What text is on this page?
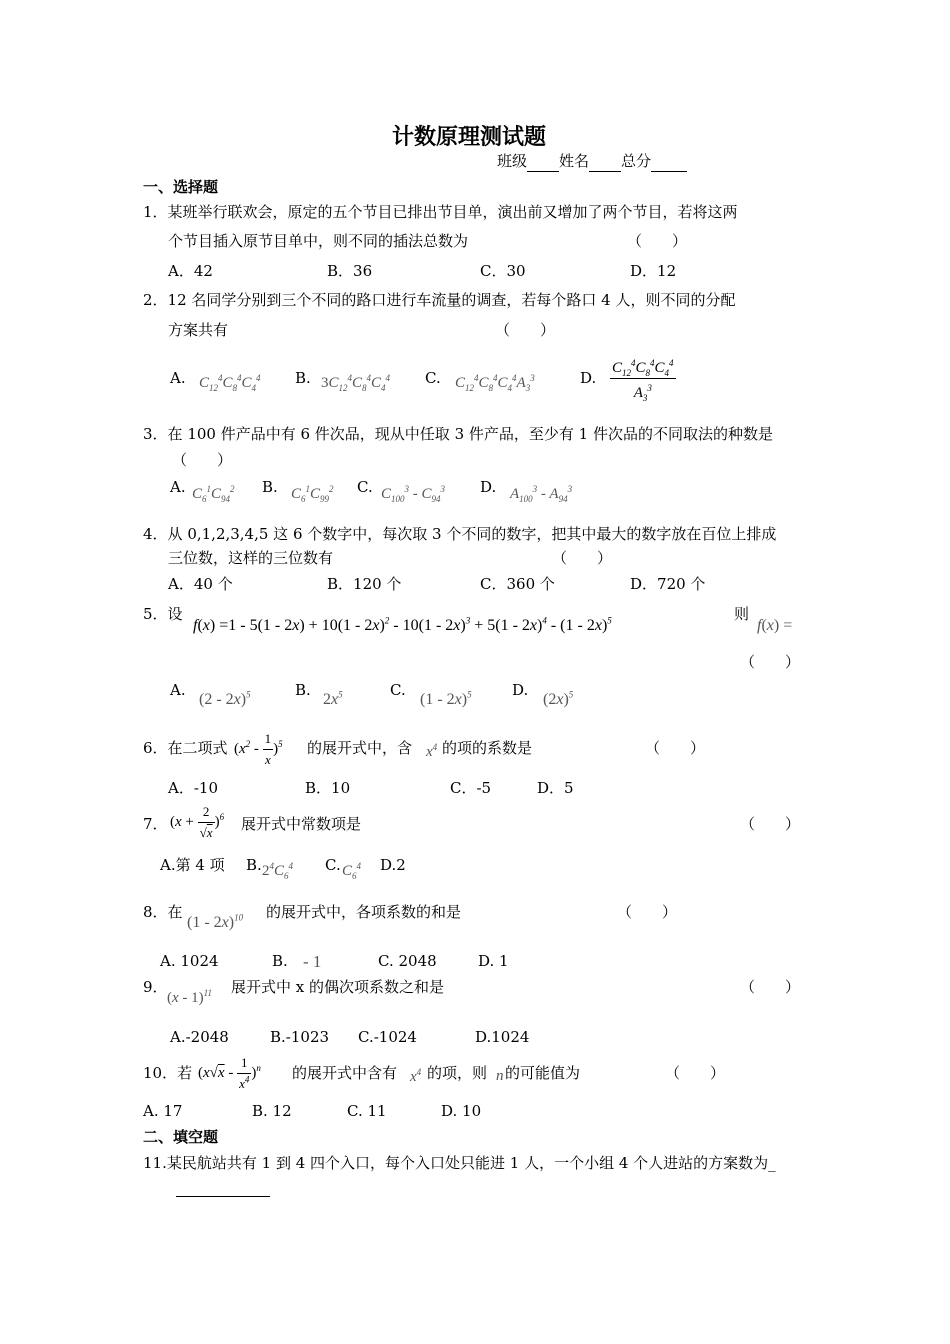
计数原理测试题
班级 姓名 总分
一、选择题
1．某班举行联欢会，原定的五个节目已排出节目单，演出前又增加了两个节目，若将这两
个节目插入原节目单中，则不同的插法总数为	（　　）
A．42	B．36	C．30	D．12
2．12 名同学分别到三个不同的路口进行车流量的调查，若每个路口 4 人，则不同的分配
方案共有	（　　）
A. $C_{12}^4C_8^4C_4^4$ B. $3C_{12}^4C_8^4C_4^4$ C. $C_{12}^4C_8^4C_4^4A_3^3$	D. $\frac{C_{12}^4C_8^4C_4^4}{A_3^3}$
3．在 100 件产品中有 6 件次品，现从中任取 3 件产品，至少有 1 件次品的不同取法的种数是
（　　）
A. $C_6^1C_{94}^2$ B. $C_6^1C_{99}^2$ C. $C_{100}^3 - C_{94}^3$ D. $A_{100}^3 - A_{94}^3$
4．从 0,1,2,3,4,5 这 6 个数字中，每次取 3 个不同的数字，把其中最大的数字放在百位上排成
三位数，这样的三位数有	（　　）
A．40 个	B．120 个	C．360 个	D．720 个
5．设
f(x) =1 - 5(1 - 2x) + 10(1 - 2x)$^2$ - 10(1 - 2x)$^3$ + 5(1 - 2x)$^4$ - (1 - 2x)$^5$	则
f(x) =
（　　）
A.
(2 - 2x)$^5$	B.
$2x^5$	C.
(1 - 2x)$^5$	D.
$(2x)^5$
6．在二项式 $(x^2 - \frac{1}{x} )^5$ 的展开式中，含 $x^4$ 的项的系数是	（　　）
A．-10	B．10	C．-5	D．5
7． $(x + \frac{2}{√x} )^6$ 展开式中常数项是	（　　）
A.第 4 项 B. $2^4C_6^4$ C. $C_6^4$ D.2
8．在
(1 - 2x)$^{10}$ 的展开式中，各项系数的和是	（　　）
A. 1024	B. - 1	C. 2048	D. 1
9．
(x - 1)$^{11}$ 展开式中 x 的偶次项系数之和是	（　　）
A.-2048	B.-1023 C.-1024	D.1024
10．若 $(x√x - \frac{1}{x^4} )^n$ 的展开式中含有 $x^4$ 的项，则 n 的可能值为	（　　）
A. 17	B. 12	C. 11	D. 10
二、填空题
11.某民航站共有 1 到 4 四个入口，每个入口处只能进 1 人，一个小组 4 个人进站的方案数为_
